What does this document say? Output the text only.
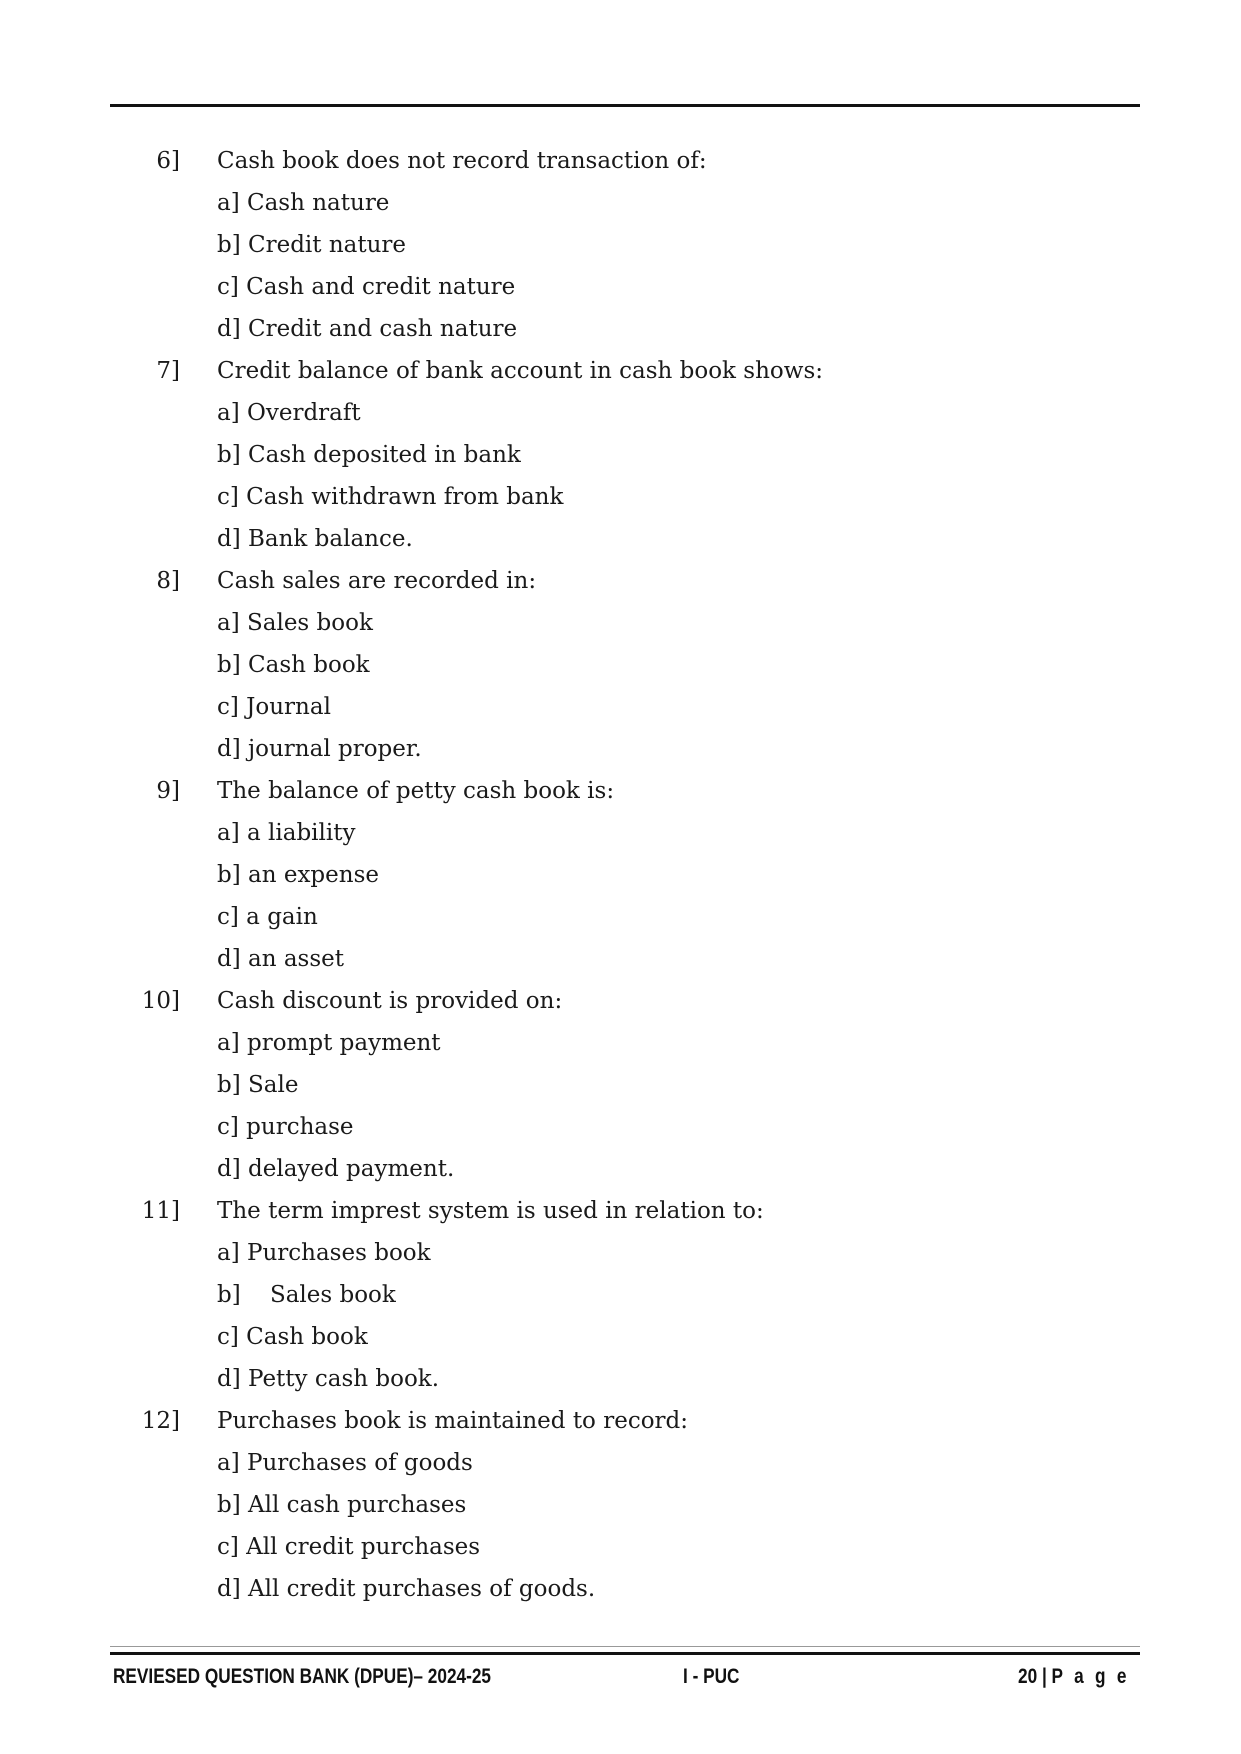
6]

Cash book does not record transaction of:

a] Cash nature
b] Credit nature
c] Cash and credit nature
d] Credit and cash nature

7]

Credit balance of bank account in cash book shows:

a] Overdraft
b] Cash deposited in bank
c] Cash withdrawn from bank
d] Bank balance.

8]

Cash sales are recorded in:

a] Sales book
b] Cash book
c] Journal
d] journal proper.

9]

The balance of petty cash book is:

a] a liability
b] an expense
c] a gain
d] an asset

10]

Cash discount is provided on:

a] prompt payment
b] Sale
c] purchase
d] delayed payment.

11]

The term imprest system is used in relation to:

a] Purchases book
b]    Sales book
c] Cash book
d] Petty cash book.

12]

Purchases book is maintained to record:

a] Purchases of goods
b] All cash purchases
c] All credit purchases
d] All credit purchases of goods.
REVIESED QUESTION BANK (DPUE)– 2024-25	I - PUC	20 | P a g e
